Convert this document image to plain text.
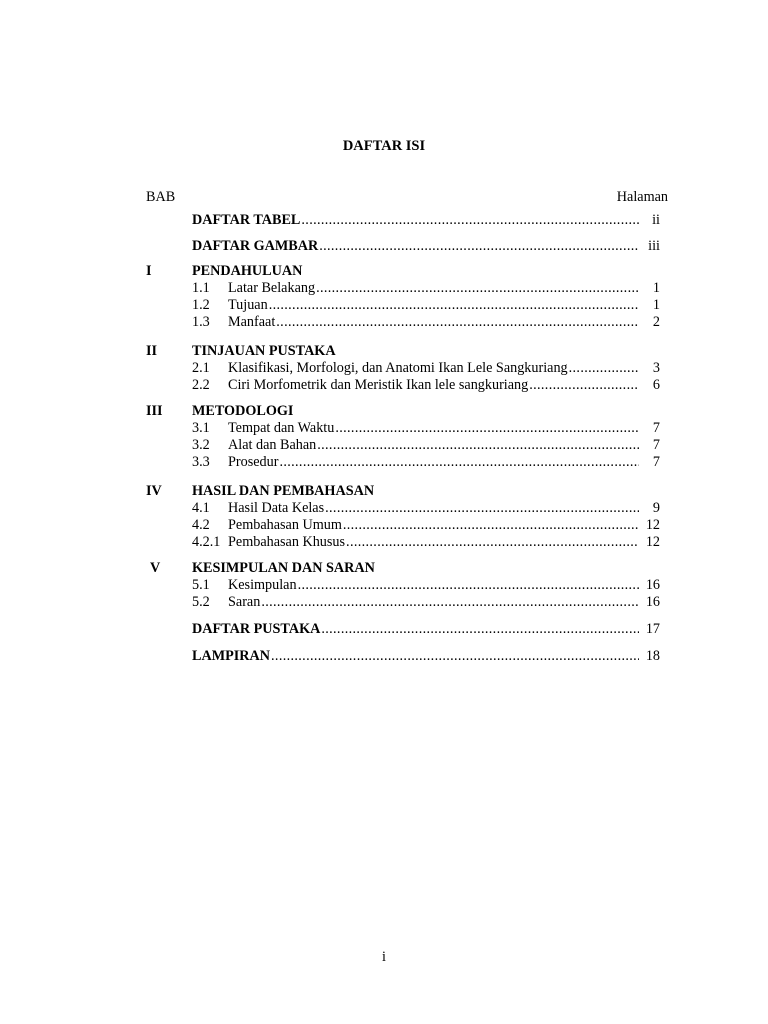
DAFTAR ISI
BAB	Halaman
DAFTAR TABEL . . .	ii
DAFTAR GAMBAR . . .	iii
I	PENDAHULUAN
1.1	Latar Belakang . . .	1
1.2	Tujuan . . .	1
1.3	Manfaat . . .	2
II TINJAUAN PUSTAKA
2.1	Klasifikasi, Morfologi, dan Anatomi Ikan Lele Sangkuriang . . .	3
2.2	Ciri Morfometrik dan Meristik Ikan lele sangkuriang . . .	6
III METODOLOGI
3.1	Tempat dan Waktu . . .	7
3.2	Alat dan Bahan . . .	7
3.3	Prosedur . . .	7
IV HASIL DAN PEMBAHASAN
4.1	Hasil Data Kelas . . .	9
4.2	Pembahasan Umum . . .	12
4.2.1 Pembahasan Khusus . . .	12
V KESIMPULAN DAN SARAN
5.1	Kesimpulan . . .	16
5.2	Saran . . .	16
DAFTAR PUSTAKA . . .	17
LAMPIRAN . . .	18
i
